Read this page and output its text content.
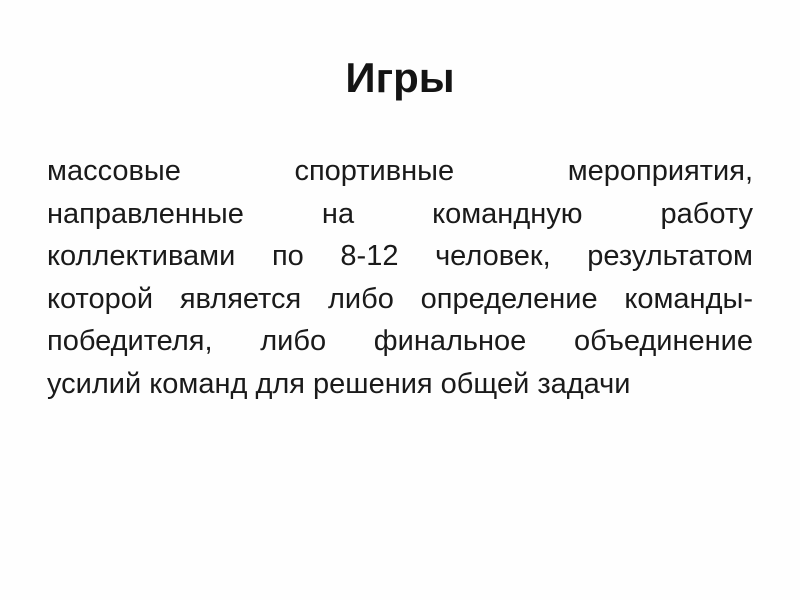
Игры
массовые спортивные мероприятия,
направленные на командную работу
коллективами по 8-12 человек, результатом
которой является либо определение команды-
победителя, либо финальное объединение
усилий команд для решения общей задачи
